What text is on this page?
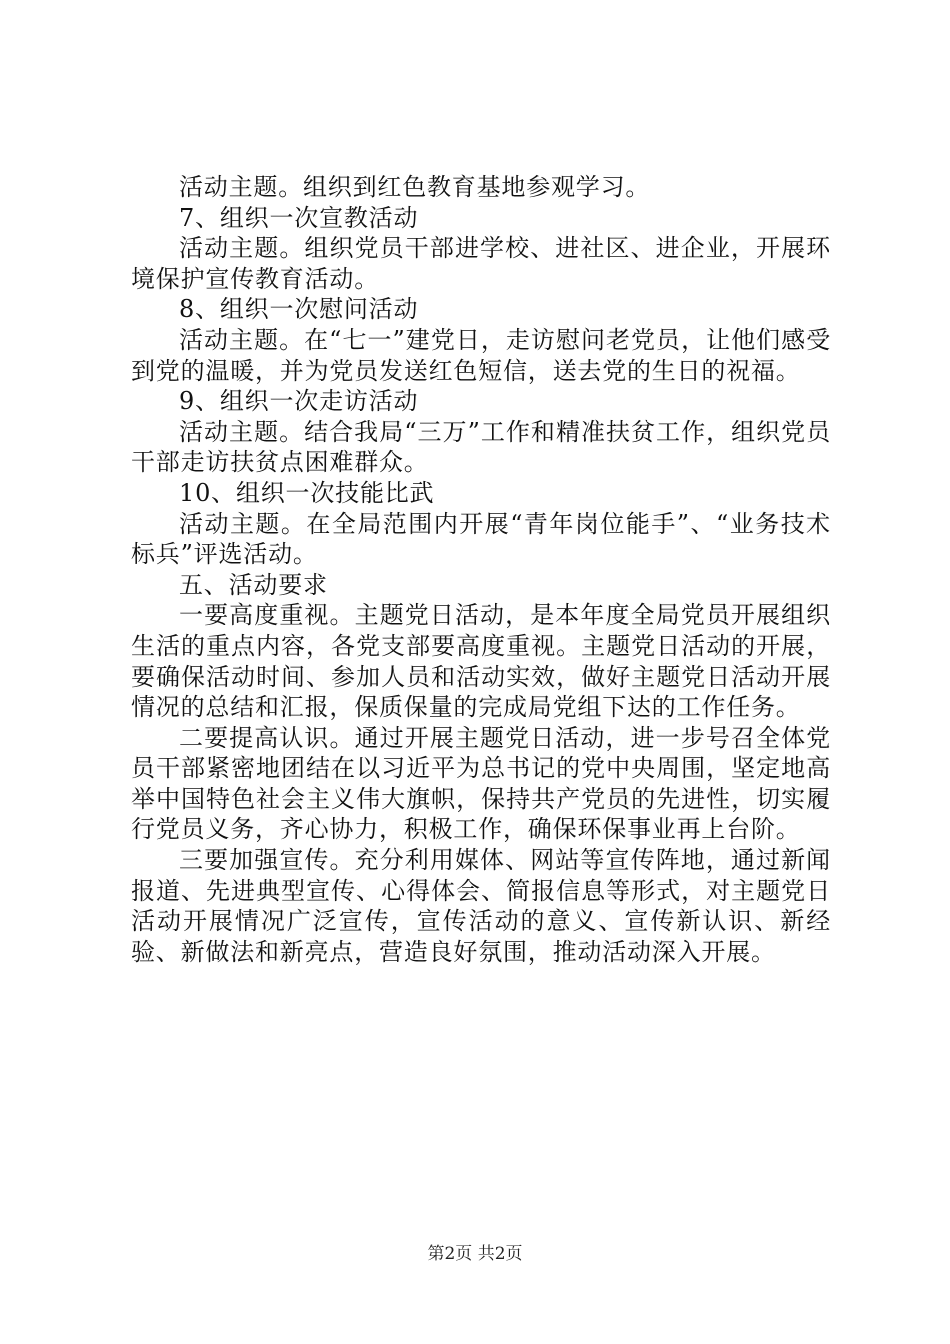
活动主题。组织到红色教育基地参观学习。

7、组织一次宣教活动

活动主题。组织党员干部进学校、进社区、进企业，开展环境保护宣传教育活动。

8、组织一次慰问活动

活动主题。在“七一”建党日，走访慰问老党员，让他们感受到党的温暖，并为党员发送红色短信，送去党的生日的祝福。

9、组织一次走访活动

活动主题。结合我局“三万”工作和精准扶贫工作，组织党员干部走访扶贫点困难群众。

10、组织一次技能比武

活动主题。在全局范围内开展“青年岗位能手”、“业务技术标兵”评选活动。

五、活动要求

一要高度重视。主题党日活动，是本年度全局党员开展组织生活的重点内容，各党支部要高度重视。主题党日活动的开展，要确保活动时间、参加人员和活动实效，做好主题党日活动开展情况的总结和汇报，保质保量的完成局党组下达的工作任务。

二要提高认识。通过开展主题党日活动，进一步号召全体党员干部紧密地团结在以习近平为总书记的党中央周围，坚定地高举中国特色社会主义伟大旗帜，保持共产党员的先进性，切实履行党员义务，齐心协力，积极工作，确保环保事业再上台阶。

三要加强宣传。充分利用媒体、网站等宣传阵地，通过新闻报道、先进典型宣传、心得体会、简报信息等形式，对主题党日活动开展情况广泛宣传，宣传活动的意义、宣传新认识、新经验、新做法和新亮点，营造良好氛围，推动活动深入开展。

第2页 共2页
